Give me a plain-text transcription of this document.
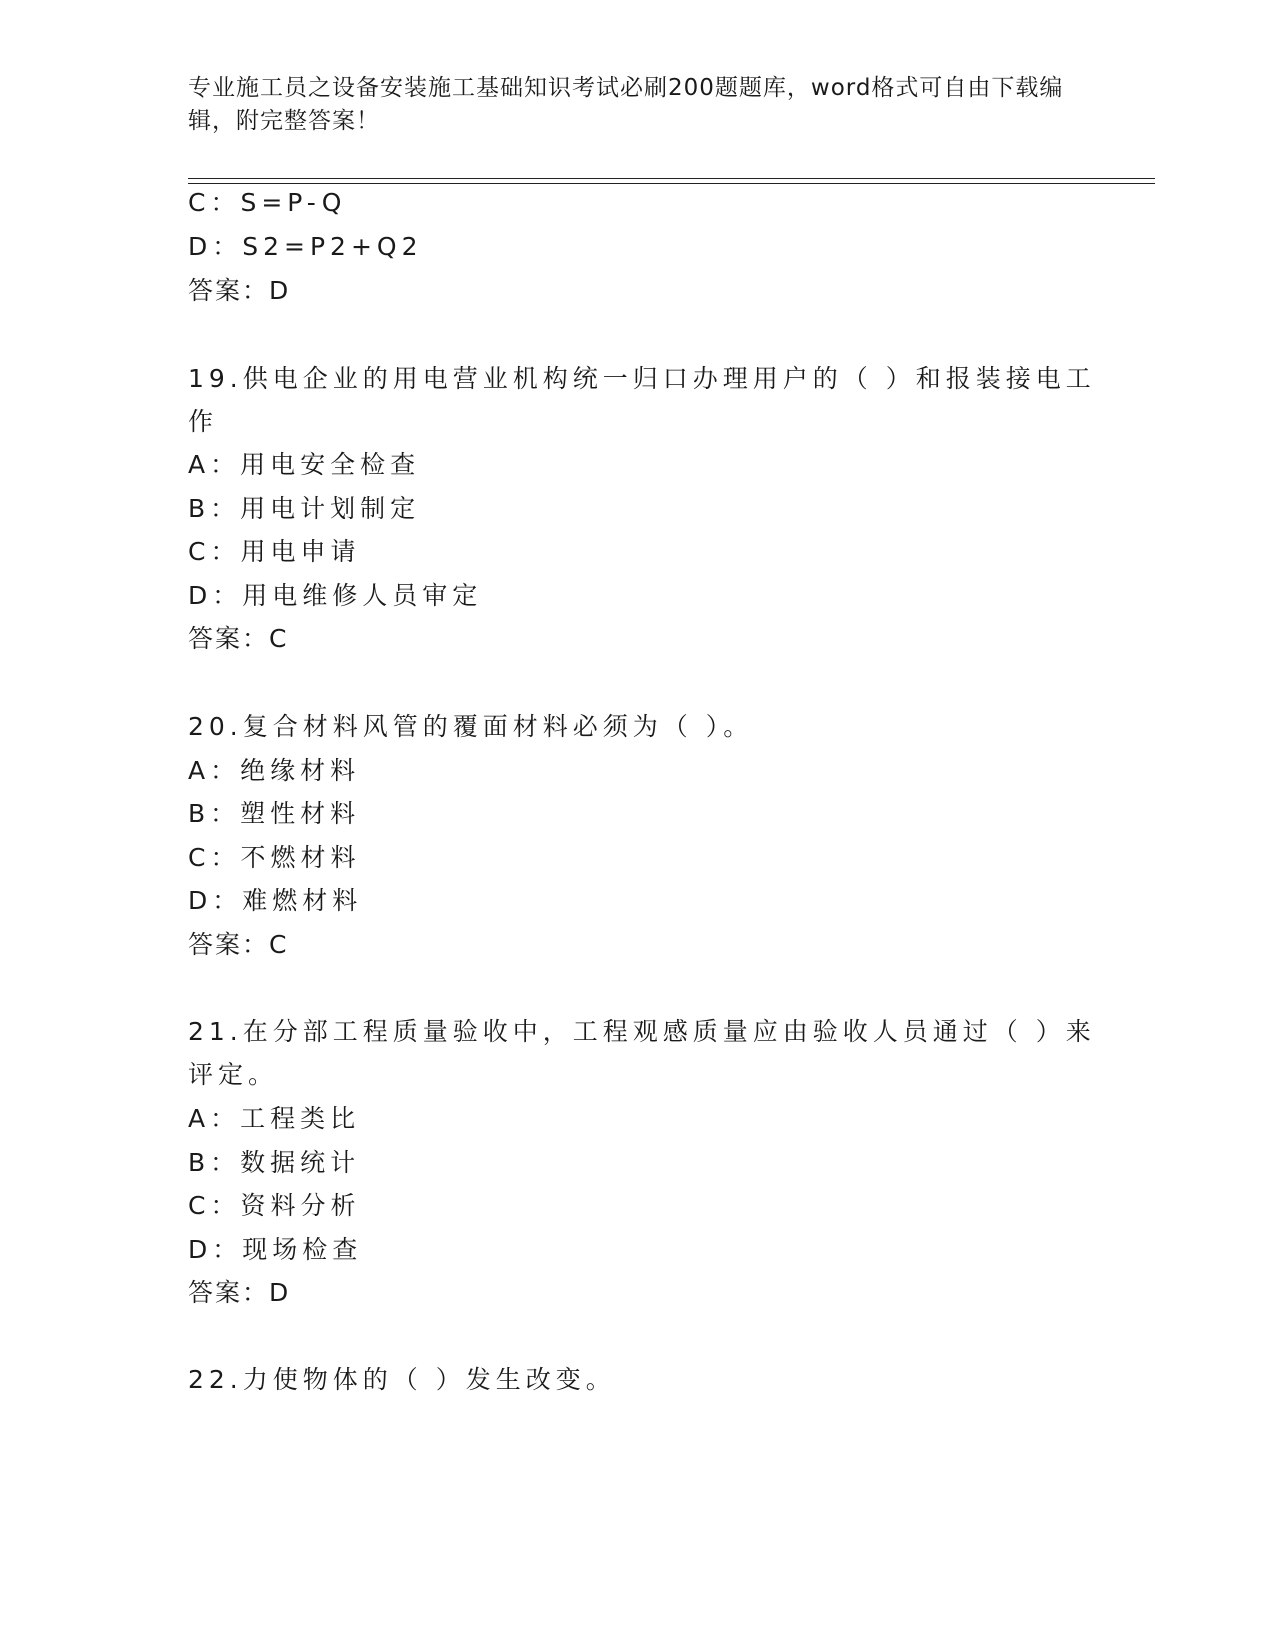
专业施工员之设备安装施工基础知识考试必刷200题题库，word格式可自由下载编辑，附完整答案！
C：S=P-Q
D：S2=P2+Q2
答案：D
19.供电企业的用电营业机构统一归口办理用户的（ ）和报装接电工
作
A：用电安全检查
B：用电计划制定
C：用电申请
D：用电维修人员审定
答案：C
20.复合材料风管的覆面材料必须为（ ）。
A：绝缘材料
B：塑性材料
C：不燃材料
D：难燃材料
答案：C
21.在分部工程质量验收中，工程观感质量应由验收人员通过（ ）来
评定。
A：工程类比
B：数据统计
C：资料分析
D：现场检查
答案：D
22.力使物体的（ ）发生改变。
